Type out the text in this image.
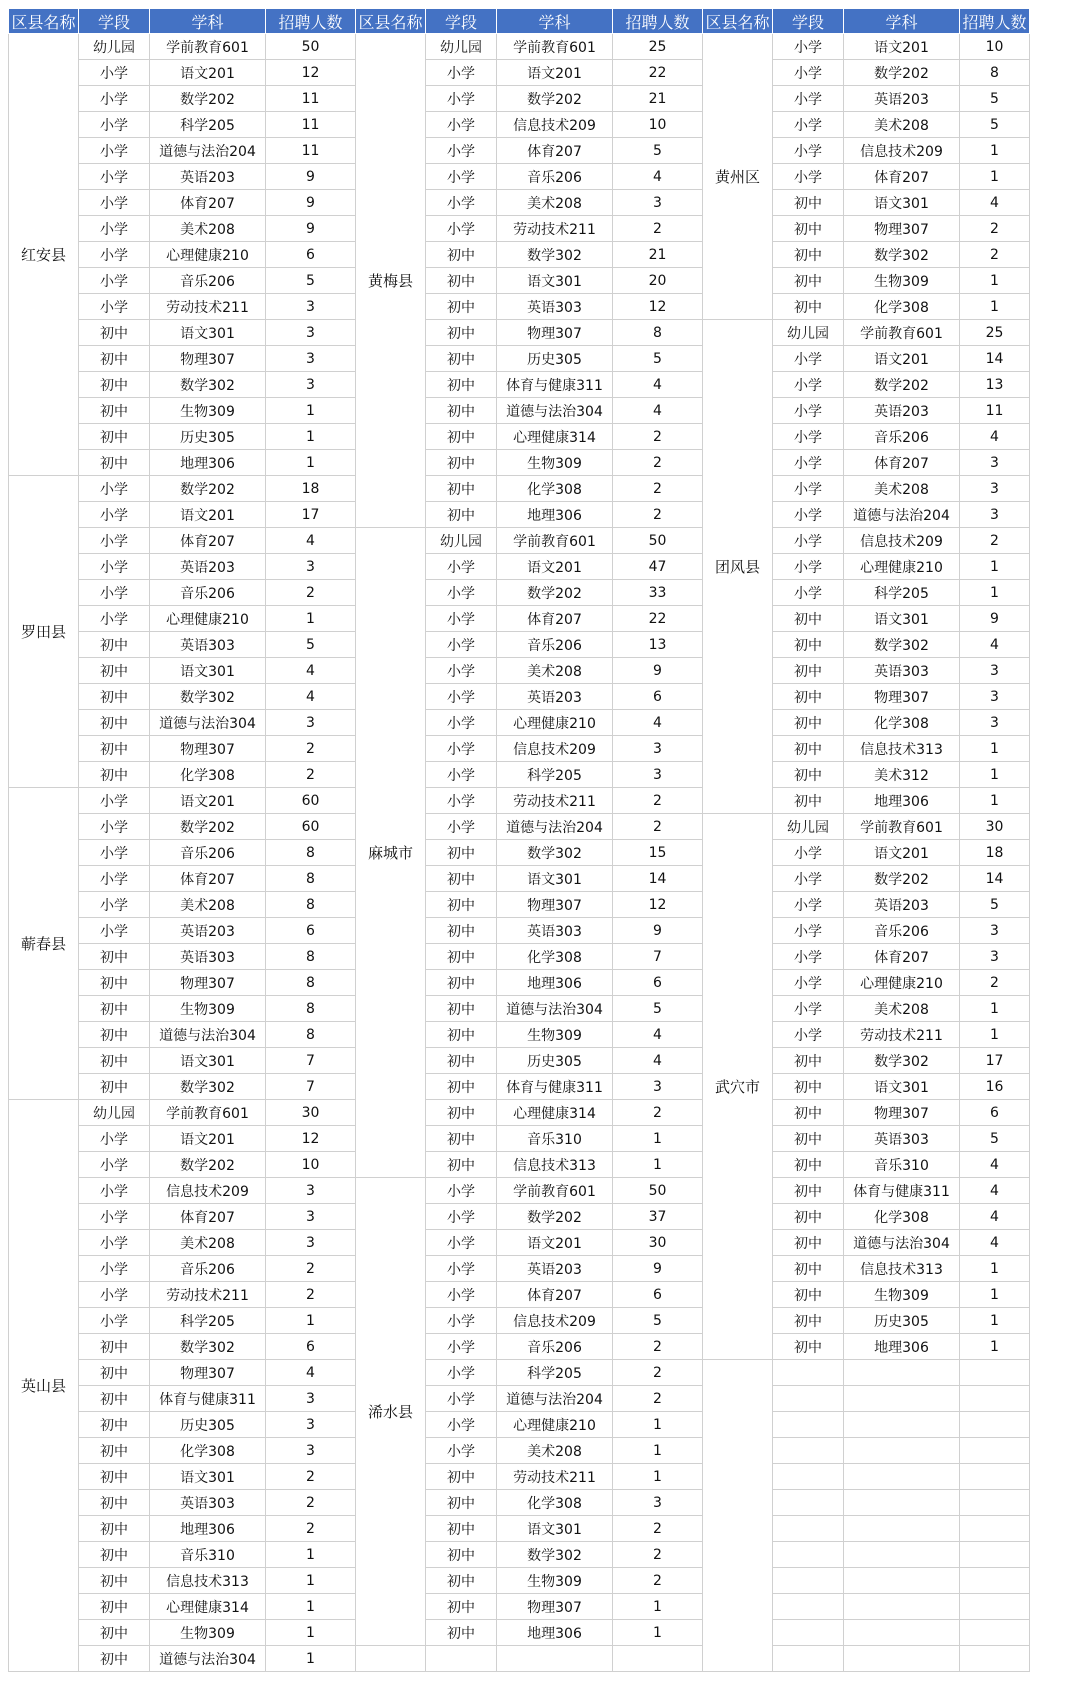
区县名称	学段	学科	招聘人数	区县名称	学段	学科	招聘人数	区县名称	学段	学科	招聘人数
红安县	幼儿园	学前教育601	50	黄梅县	幼儿园	学前教育601	25	黄州区	小学	语文201	10
	小学	语文201	12		小学	语文201	22		小学	数学202	8
	小学	数学202	11		小学	数学202	21		小学	英语203	5
	小学	科学205	11		小学	信息技术209	10		小学	美术208	5
	小学	道德与法治204	11		小学	体育207	5		小学	信息技术209	1
	小学	英语203	9		小学	音乐206	4		小学	体育207	1
	小学	体育207	9		小学	美术208	3		初中	语文301	4
	小学	美术208	9		小学	劳动技术211	2		初中	物理307	2
	小学	心理健康210	6		初中	数学302	21		初中	数学302	2
	小学	音乐206	5		初中	语文301	20		初中	生物309	1
	小学	劳动技术211	3		初中	英语303	12		初中	化学308	1
	初中	语文301	3		初中	物理307	8	团风县	幼儿园	学前教育601	25
	初中	物理307	3		初中	历史305	5		小学	语文201	14
	初中	数学302	3		初中	体育与健康311	4		小学	数学202	13
	初中	生物309	1		初中	道德与法治304	4		小学	英语203	11
	初中	历史305	1		初中	心理健康314	2		小学	音乐206	4
	初中	地理306	1		初中	生物309	2		小学	体育207	3
罗田县	小学	数学202	18		初中	化学308	2		小学	美术208	3
	小学	语文201	17		初中	地理306	2		小学	道德与法治204	3
	小学	体育207	4	麻城市	幼儿园	学前教育601	50		小学	信息技术209	2
	小学	英语203	3		小学	语文201	47		小学	心理健康210	1
	小学	音乐206	2		小学	数学202	33		小学	科学205	1
	小学	心理健康210	1		小学	体育207	22		初中	语文301	9
	初中	英语303	5		小学	音乐206	13		初中	数学302	4
	初中	语文301	4		小学	美术208	9		初中	英语303	3
	初中	数学302	4		小学	英语203	6		初中	物理307	3
	初中	道德与法治304	3		小学	心理健康210	4		初中	化学308	3
	初中	物理307	2		小学	信息技术209	3		初中	信息技术313	1
	初中	化学308	2		小学	科学205	3		初中	美术312	1
蕲春县	小学	语文201	60		小学	劳动技术211	2		初中	地理306	1
	小学	数学202	60		小学	道德与法治204	2	武穴市	幼儿园	学前教育601	30
	小学	音乐206	8		初中	数学302	15		小学	语文201	18
	小学	体育207	8		初中	语文301	14		小学	数学202	14
	小学	美术208	8		初中	物理307	12		小学	英语203	5
	小学	英语203	6		初中	英语303	9		小学	音乐206	3
	初中	英语303	8		初中	化学308	7		小学	体育207	3
	初中	物理307	8		初中	地理306	6		小学	心理健康210	2
	初中	生物309	8		初中	道德与法治304	5		小学	美术208	1
	初中	道德与法治304	8		初中	生物309	4		小学	劳动技术211	1
	初中	语文301	7		初中	历史305	4		初中	数学302	17
	初中	数学302	7		初中	体育与健康311	3		初中	语文301	16
英山县	幼儿园	学前教育601	30		初中	心理健康314	2		初中	物理307	6
	小学	语文201	12		初中	音乐310	1		初中	英语303	5
	小学	数学202	10		初中	信息技术313	1		初中	音乐310	4
	小学	信息技术209	3	浠水县	小学	学前教育601	50		初中	体育与健康311	4
	小学	体育207	3		小学	数学202	37		初中	化学308	4
	小学	美术208	3		小学	语文201	30		初中	道德与法治304	4
	小学	音乐206	2		小学	英语203	9		初中	信息技术313	1
	小学	劳动技术211	2		小学	体育207	6		初中	生物309	1
	小学	科学205	1		小学	信息技术209	5		初中	历史305	1
	初中	数学302	6		小学	音乐206	2		初中	地理306	1
	初中	物理307	4		小学	科学205	2				
	初中	体育与健康311	3		小学	道德与法治204	2				
	初中	历史305	3		小学	心理健康210	1				
	初中	化学308	3		小学	美术208	1				
	初中	语文301	2		初中	劳动技术211	1				
	初中	英语303	2		初中	化学308	3				
	初中	地理306	2		初中	语文301	2				
	初中	音乐310	1		初中	数学302	2				
	初中	信息技术313	1		初中	生物309	2				
	初中	心理健康314	1		初中	物理307	1				
	初中	生物309	1		初中	地理306	1				
	初中	道德与法治304	1								
